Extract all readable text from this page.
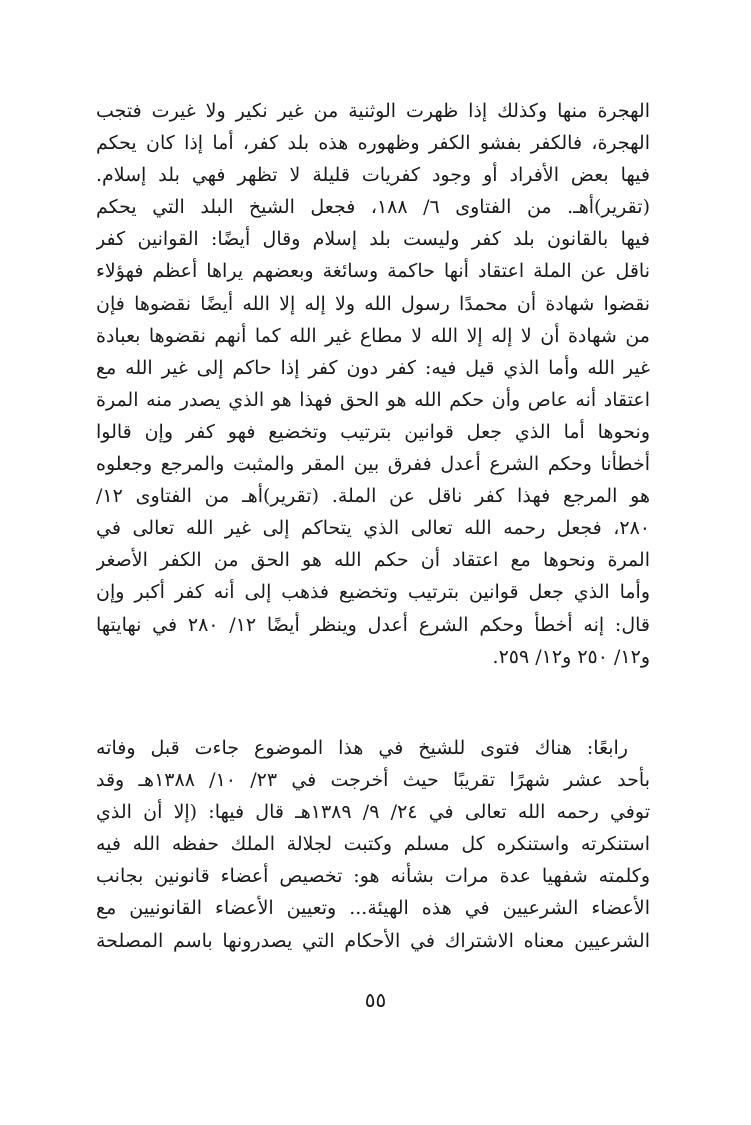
الهجرة منها وكذلك إذا ظهرت الوثنية من غير نكير ولا غيرت فتجب
الهجرة، فالكفر بفشو الكفر وظهوره هذه بلد كفر، أما إذا كان يحكم
فيها بعض الأفراد أو وجود كفريات قليلة لا تظهر فهي بلد إسلام.
(تقرير)أهـ. من الفتاوى ٦/ ١٨٨، فجعل الشيخ البلد التي يحكم
فيها بالقانون بلد كفر وليست بلد إسلام وقال أيضًا: القوانين كفر
ناقل عن الملة اعتقاد أنها حاكمة وسائغة وبعضهم يراها أعظم فهؤلاء
نقضوا شهادة أن محمدًا رسول الله ولا إله إلا الله أيضًا نقضوها فإن
من شهادة أن لا إله إلا الله لا مطاع غير الله كما أنهم نقضوها بعبادة
غير الله وأما الذي قيل فيه: كفر دون كفر إذا حاكم إلى غير الله مع
اعتقاد أنه عاص وأن حكم الله هو الحق فهذا هو الذي يصدر منه المرة
ونحوها أما الذي جعل قوانين بترتيب وتخضيع فهو كفر وإن قالوا
أخطأنا وحكم الشرع أعدل ففرق بين المقر والمثبت والمرجع وجعلوه
هو المرجع فهذا كفر ناقل عن الملة. (تقرير)أهـ من الفتاوى ١٢/
٢٨٠، فجعل رحمه الله تعالى الذي يتحاكم إلى غير الله تعالى في
المرة ونحوها مع اعتقاد أن حكم الله هو الحق من الكفر الأصغر
وأما الذي جعل قوانين بترتيب وتخضيع فذهب إلى أنه كفر أكبر وإن
قال: إنه أخطأ وحكم الشرع أعدل وينظر أيضًا ١٢/ ٢٨٠ في نهايتها
و١٢/ ٢٥٠ و١٢/ ٢٥٩.
رابعًا: هناك فتوى للشيخ في هذا الموضوع جاءت قبل وفاته
بأحد عشر شهرًا تقريبًا حيث أخرجت في ٢٣/ ١٠/ ١٣٨٨هـ وقد
توفي رحمه الله تعالى في ٢٤/ ٩/ ١٣٨٩هـ قال فيها: (إلا أن الذي
استنكرته واستنكره كل مسلم وكتبت لجلالة الملك حفظه الله فيه
وكلمته شفهيا عدة مرات بشأنه هو: تخصيص أعضاء قانونين بجانب
الأعضاء الشرعيين في هذه الهيئة... وتعيين الأعضاء القانونيين مع
الشرعيين معناه الاشتراك في الأحكام التي يصدرونها باسم المصلحة
٥٥
